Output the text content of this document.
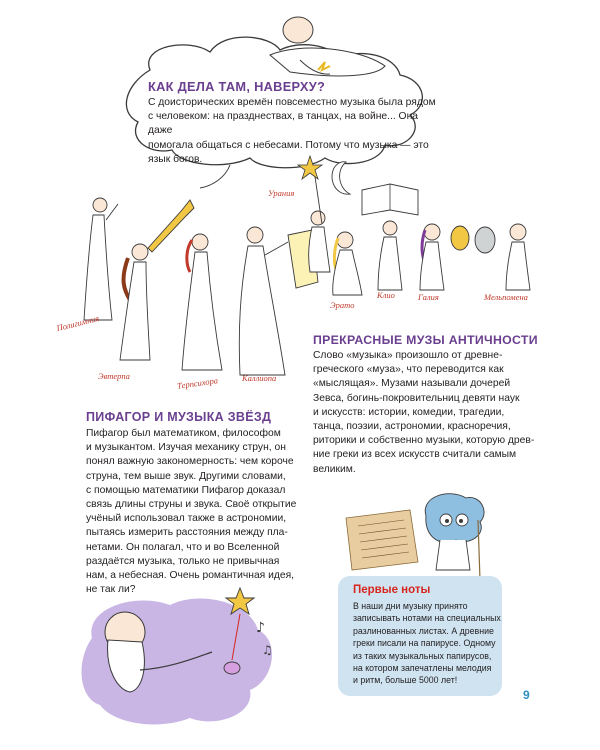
КАК ДЕЛА ТАМ, НАВЕРХУ?
С доисторических времён повсеместно музыка была рядом
с человеком: на празднествах, в танцах, на войне... Она даже
помогала общаться с небесами. Потому что музыка — это
язык богов.
Урания
Полигимния
Эвтерпа	Терпсихора	Каллиопа
Эрато
Клио	Галия	Мельпомена
ПРЕКРАСНЫЕ МУЗЫ АНТИЧНОСТИ
Слово «музыка» произошло от древне-
греческого «муза», что переводится как
«мыслящая». Музами называли дочерей
Зевса, богинь-покровительниц девяти наук
и искусств: истории, комедии, трагедии,
танца, поэзии, астрономии, красноречия,
риторики и собственно музыки, которую древ-
ние греки из всех искусств считали самым
великим.
ПИФАГОР И МУЗЫКА ЗВЁЗД
Пифагор был математиком, философом
и музыкантом. Изучая механику струн, он
понял важную закономерность: чем короче
струна, тем выше звук. Другими словами,
с помощью математики Пифагор доказал
связь длины струны и звука. Своё открытие
учёный использовал также в астрономии,
пытаясь измерить расстояния между пла-
нетами. Он полагал, что и во Вселенной
раздаётся музыка, только не привычная
нам, а небесная. Очень романтичная идея,
не так ли?
♪
♫
Первые ноты
В наши дни музыку принято
записывать нотами на специальных
разлинованных листах. А древние
греки писали на папирусе. Одному
из таких музыкальных папирусов,
на котором запечатлены мелодия
и ритм, больше 5000 лет!
9
